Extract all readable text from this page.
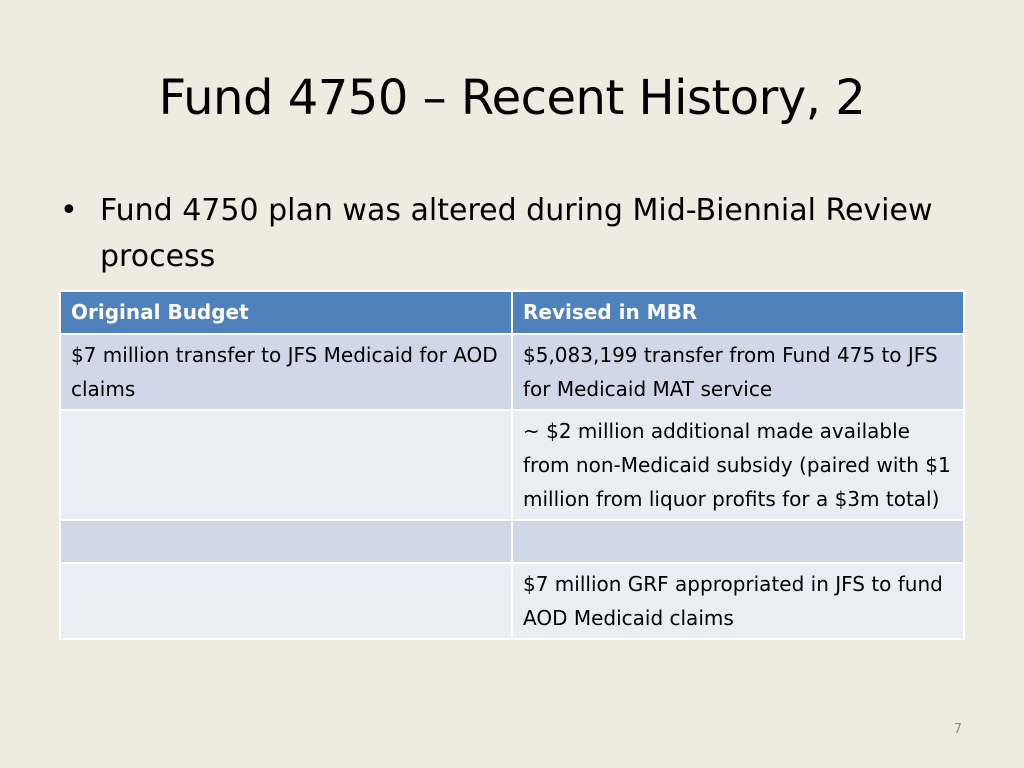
Fund 4750 – Recent History, 2
• Fund 4750 plan was altered during Mid-Biennial Review process
Original Budget	Revised in MBR
$7 million transfer to JFS Medicaid for AOD claims	$5,083,199 transfer from Fund 475 to JFS for Medicaid MAT service
	~ $2 million additional made available from non-Medicaid subsidy (paired with $1 million from liquor profits for a $3m total)

	$7 million GRF appropriated in JFS to fund AOD Medicaid claims
7
